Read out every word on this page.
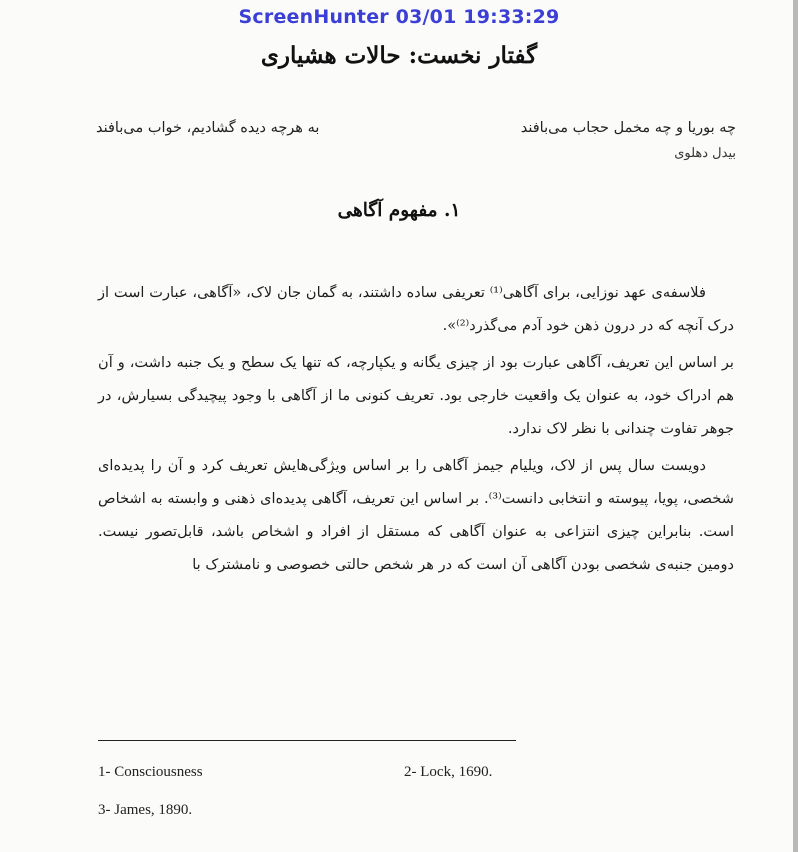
ScreenHunter 03/01 19:33:29
گفتار نخست: حالات هشیاری
چه بوریا و چه مخمل حجاب می‌بافند
به هرچه دیده گشادیم، خواب می‌بافند
بیدل دهلوی
۱. مفهوم آگاهی

فلاسفه‌ی عهد نوزایی، برای آگاهی⁽¹⁾ تعریفی ساده داشتند، به گمان جان لاک، «آگاهی، عبارت است از درک آنچه که در درون ذهن خود آدم می‌گذرد⁽²⁾».

بر اساس این تعریف، آگاهی عبارت بود از چیزی یگانه و یکپارچه، که تنها یک سطح و یک جنبه داشت، و آن هم ادراک خود، به عنوان یک واقعیت خارجی بود. تعریف کنونی ما از آگاهی با وجود پیچیدگی بسیارش، در جوهر تفاوت چندانی با نظر لاک ندارد.

دویست سال پس از لاک، ویلیام جیمز آگاهی را بر اساس ویژگی‌هایش تعریف کرد و آن را پدیده‌ای شخصی، پویا، پیوسته و انتخابی دانست⁽³⁾. بر اساس این تعریف، آگاهی پدیده‌ای ذهنی و وابسته به اشخاص است. بنابراین چیزی انتزاعی به عنوان آگاهی که مستقل از افراد و اشخاص باشد، قابل‌تصور نیست. دومین جنبه‌ی شخصی بودن آگاهی آن است که در هر شخص حالتی خصوصی و نامشترک با

1- Consciousness	2- Lock, 1690.
3- James, 1890.
